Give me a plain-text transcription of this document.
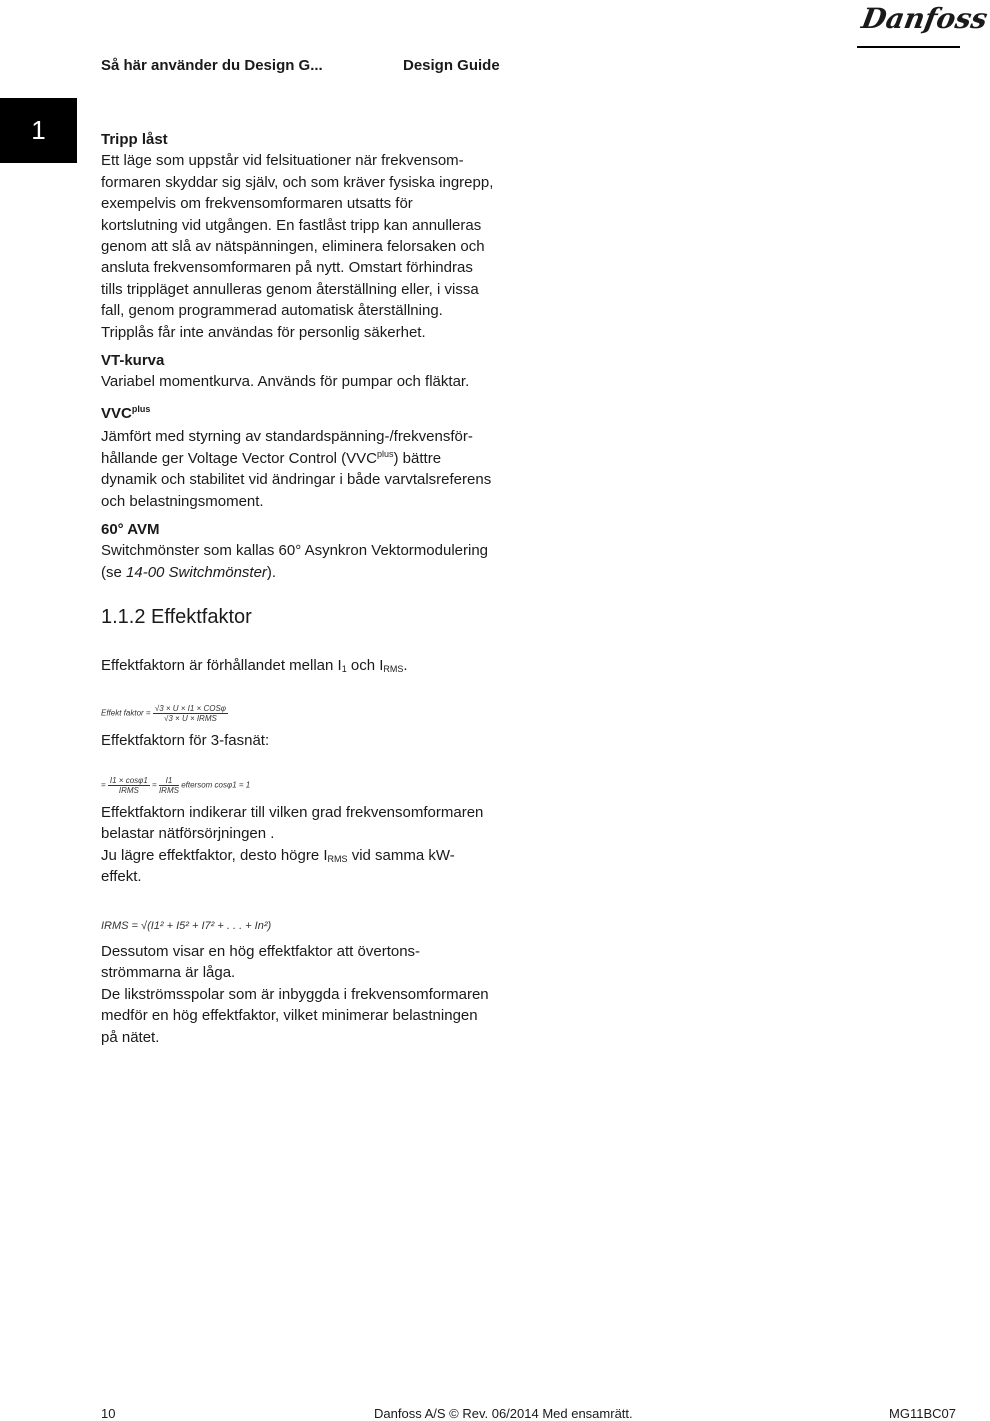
Så här använder du Design G...	Design Guide
Danfoss
1	Tripp låst
Ett läge som uppstår vid felsituationer när frekvensom-
formaren skyddar sig själv, och som kräver fysiska ingrepp,
exempelvis om frekvensomformaren utsatts för
kortslutning vid utgången. En fastlåst tripp kan annulleras
genom att slå av nätspänningen, eliminera felorsaken och
ansluta frekvensomformaren på nytt. Omstart förhindras
tills trippläget annulleras genom återställning eller, i vissa
fall, genom programmerad automatisk återställning.
Tripplås får inte användas för personlig säkerhet.
VT-kurva
Variabel momentkurva. Används för pumpar och fläktar.
$VVC^{plus}$
Jämfört med styrning av standardspänning-/frekvensför-
hållande ger Voltage Vector Control $(VVC^{plus})$ bättre
dynamik och stabilitet vid ändringar i både varvtalsreferens
och belastningsmoment.
60° AVM
Switchmönster som kallas 60° Asynkron Vektormodulering
(se 14-00 Switchmönster).
1.1.2 Effektfaktor
Effektfaktorn är förhållandet mellan $I_1$ och $I_{RMS}$.
Effekt faktor = $\frac{\text{√3 × U × I1 × COSφ}}{\text{√3 × U × IRMS}}$
Effektfaktorn för 3-fasnät:
= $\frac{I1 \times \cos\varphi 1}{\text{IRMS}} = \frac{I1}{\text{IRMS}}$ eftersom cosφ1 = 1
Effektfaktorn indikerar till vilken grad frekvensomformaren
belastar nätförsörjningen .
Ju lägre effektfaktor, desto högre $I_{RMS}$ vid samma kW-
effekt.
IRMS = √(I1² + I5² + I7² + . . . + In²)
Dessutom visar en hög effektfaktor att övertons-
strömmarna är låga.
De likströmsspolar som är inbyggda i frekvensomformaren
medför en hög effektfaktor, vilket minimerar belastningen
på nätet.
10	Danfoss A/S © Rev. 06/2014 Med ensamrätt.	MG11BC07
